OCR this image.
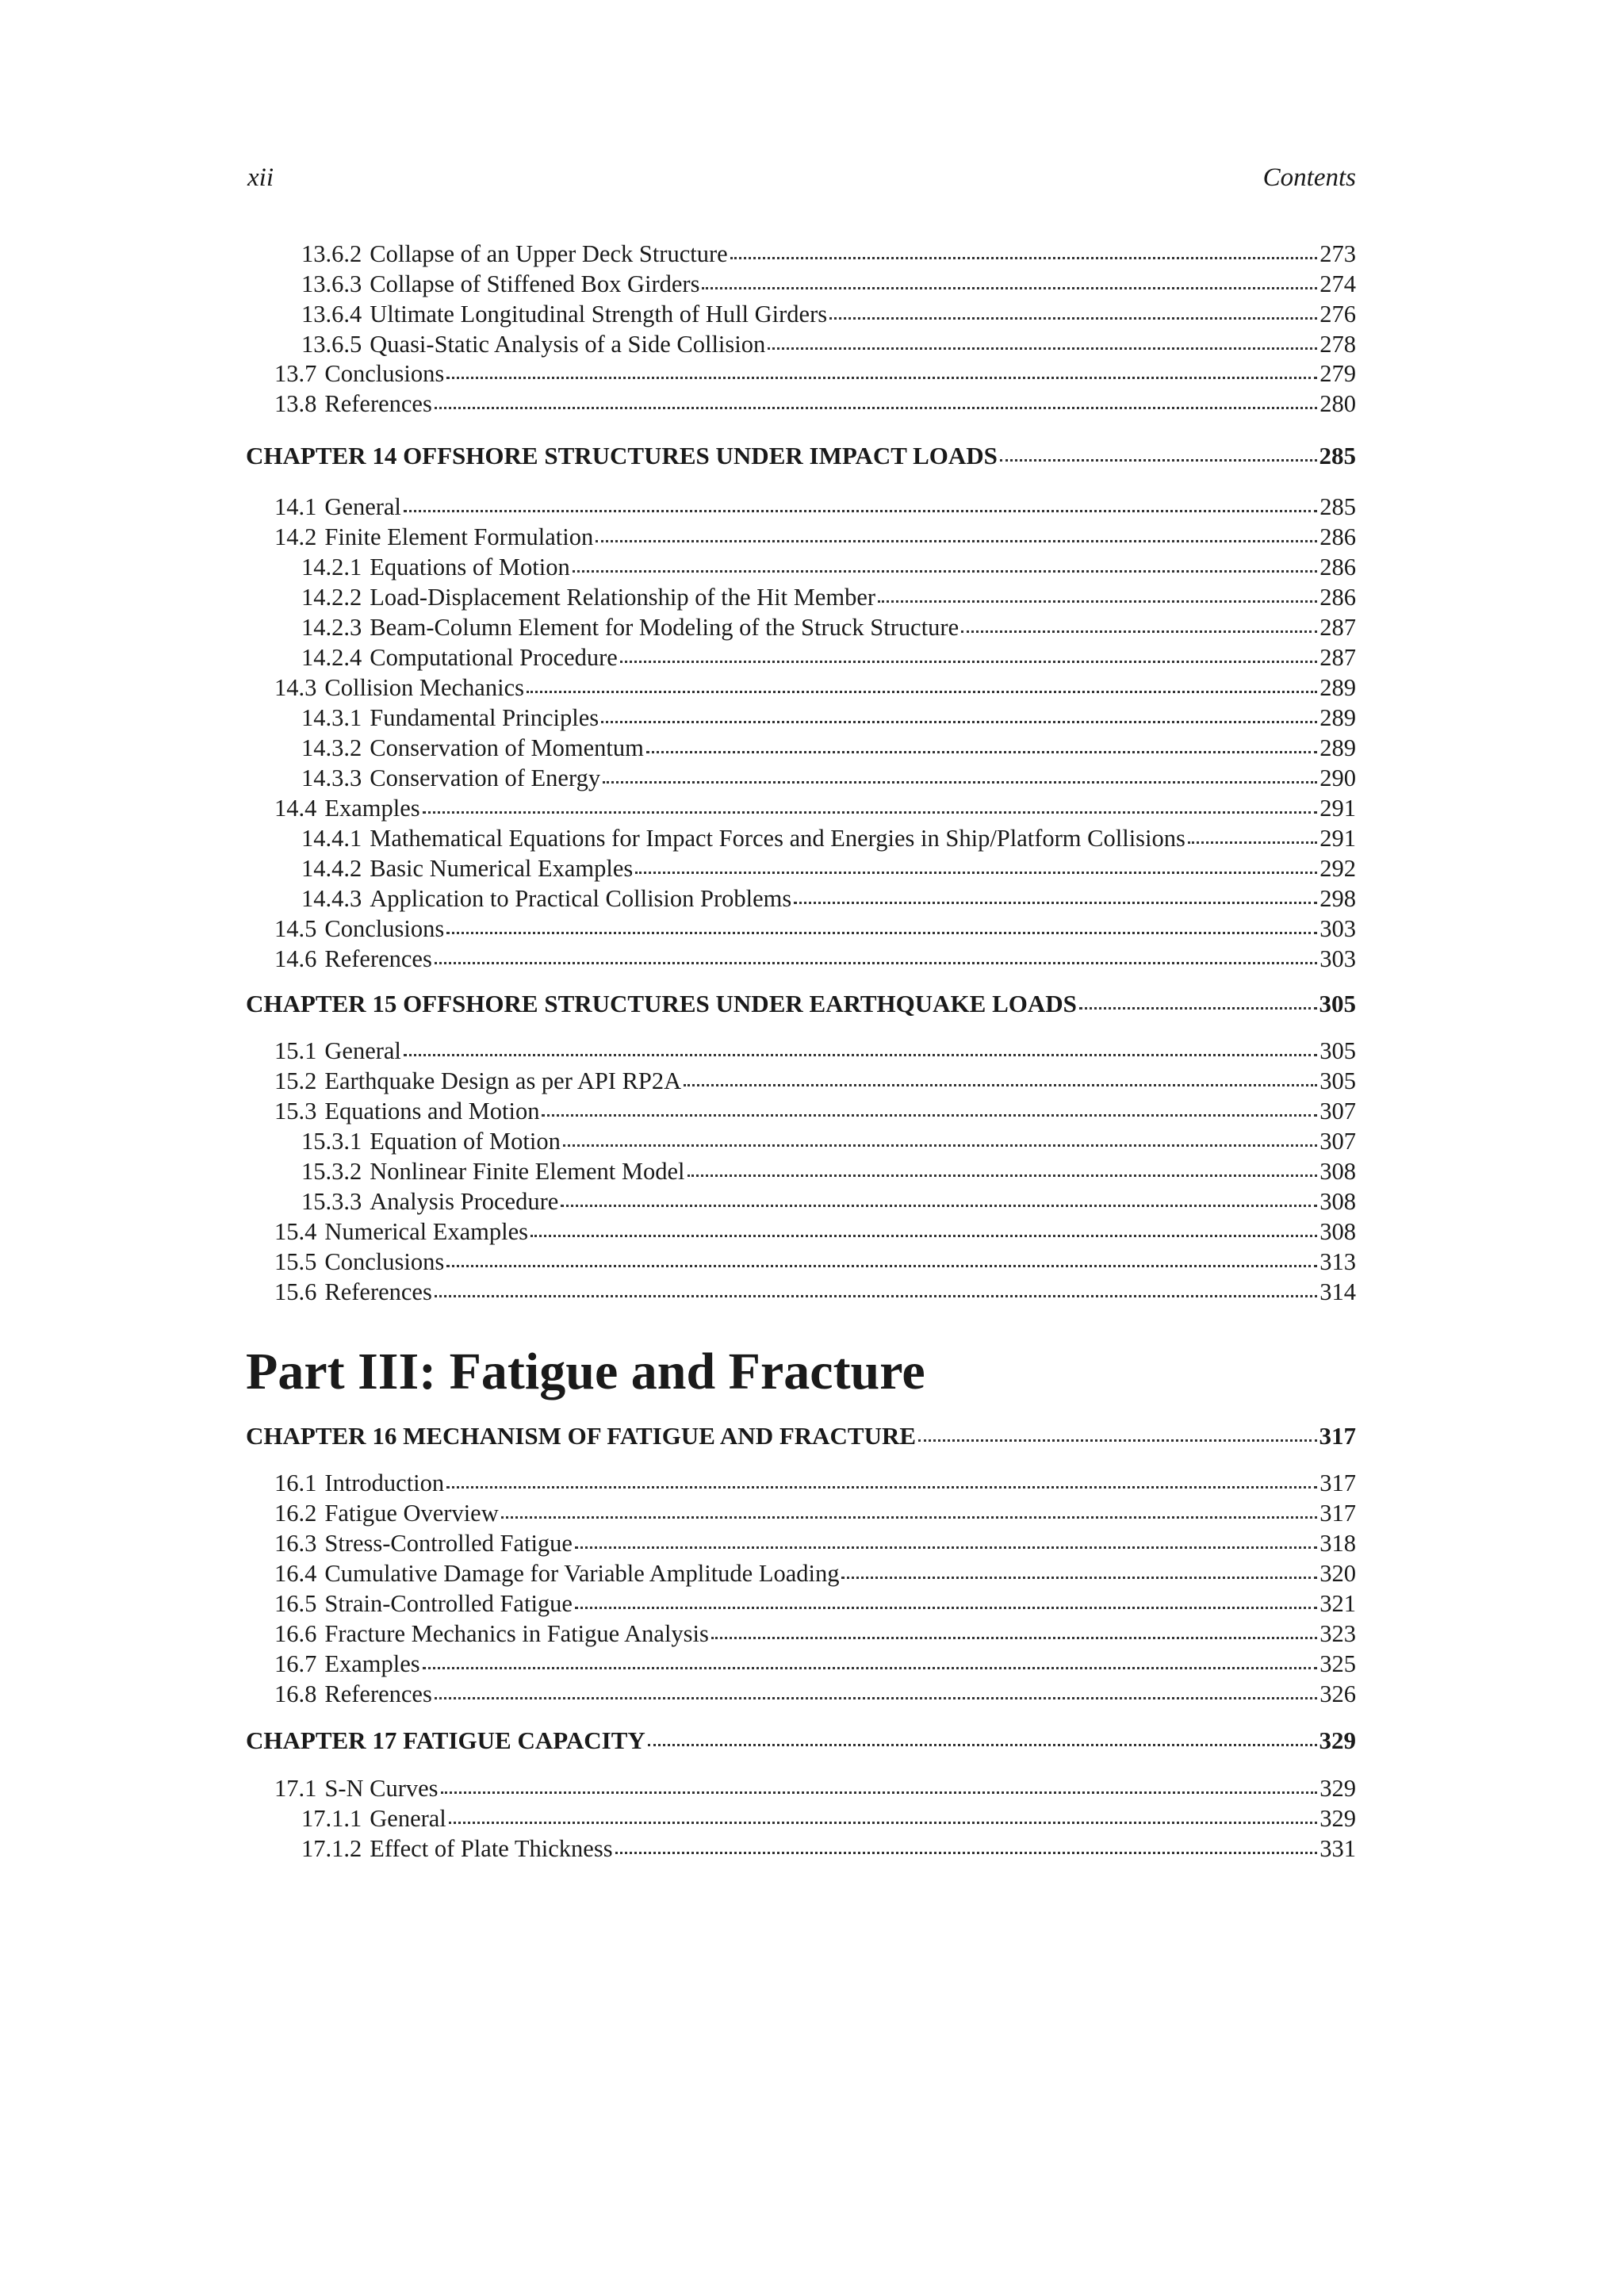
xii	Contents
13.6.2 Collapse of an Upper Deck Structure	273
13.6.3 Collapse of Stiffened Box Girders	274
13.6.4 Ultimate Longitudinal Strength of Hull Girders	276
13.6.5 Quasi-Static Analysis of a Side Collision	278
13.7 Conclusions	279
13.8 References	280
CHAPTER 14 OFFSHORE STRUCTURES UNDER IMPACT LOADS	285
14.1 General	285
14.2 Finite Element Formulation	286
14.2.1 Equations of Motion	286
14.2.2 Load-Displacement Relationship of the Hit Member	286
14.2.3 Beam-Column Element for Modeling of the Struck Structure	287
14.2.4 Computational Procedure	287
14.3 Collision Mechanics	289
14.3.1 Fundamental Principles	289
14.3.2 Conservation of Momentum	289
14.3.3 Conservation of Energy	290
14.4 Examples	291
14.4.1 Mathematical Equations for Impact Forces and Energies in Ship/Platform Collisions	291
14.4.2 Basic Numerical Examples	292
14.4.3 Application to Practical Collision Problems	298
14.5 Conclusions	303
14.6 References	303
CHAPTER 15 OFFSHORE STRUCTURES UNDER EARTHQUAKE LOADS	305
15.1 General	305
15.2 Earthquake Design as per API RP2A	305
15.3 Equations and Motion	307
15.3.1 Equation of Motion	307
15.3.2 Nonlinear Finite Element Model	308
15.3.3 Analysis Procedure	308
15.4 Numerical Examples	308
15.5 Conclusions	313
15.6 References	314
Part III: Fatigue and Fracture
CHAPTER 16 MECHANISM OF FATIGUE AND FRACTURE	317
16.1 Introduction	317
16.2 Fatigue Overview	317
16.3 Stress-Controlled Fatigue	318
16.4 Cumulative Damage for Variable Amplitude Loading	320
16.5 Strain-Controlled Fatigue	321
16.6 Fracture Mechanics in Fatigue Analysis	323
16.7 Examples	325
16.8 References	326
CHAPTER 17 FATIGUE CAPACITY	329
17.1 S-N Curves	329
17.1.1 General	329
17.1.2 Effect of Plate Thickness	331
